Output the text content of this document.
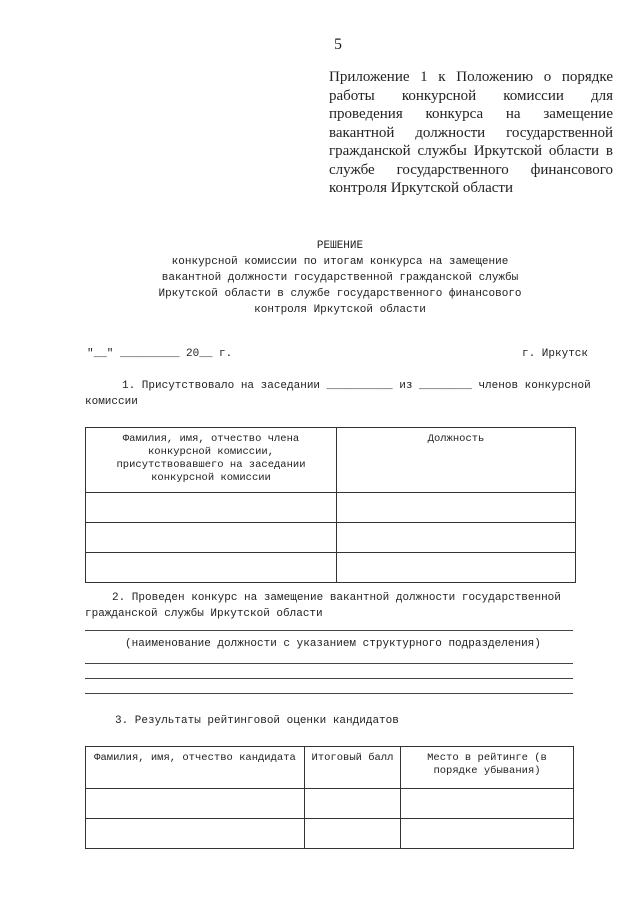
5

Приложение 1 к Положению о порядке работы конкурсной комиссии для проведения конкурса на замещение вакантной должности государственной гражданской службы Иркутской области в службе государственного финансового контроля Иркутской области

РЕШЕНИЕ
конкурсной комиссии по итогам конкурса на замещение
вакантной должности государственной гражданской службы
Иркутской области в службе государственного финансового
контроля Иркутской области
"__" _________ 20__ г.	г. Иркутск
1. Присутствовало на заседании __________ из ________ членов конкурсной
комиссии
Фамилия, имя, отчество члена конкурсной комиссии, присутствовавшего на заседании конкурсной комиссии	Должность

2. Проведен конкурс на замещение вакантной должности государственной
гражданской службы Иркутской области
(наименование должности с указанием структурного подразделения)
3. Результаты рейтинговой оценки кандидатов
Фамилия, имя, отчество кандидата	Итоговый балл	Место в рейтинге (в порядке убывания)
